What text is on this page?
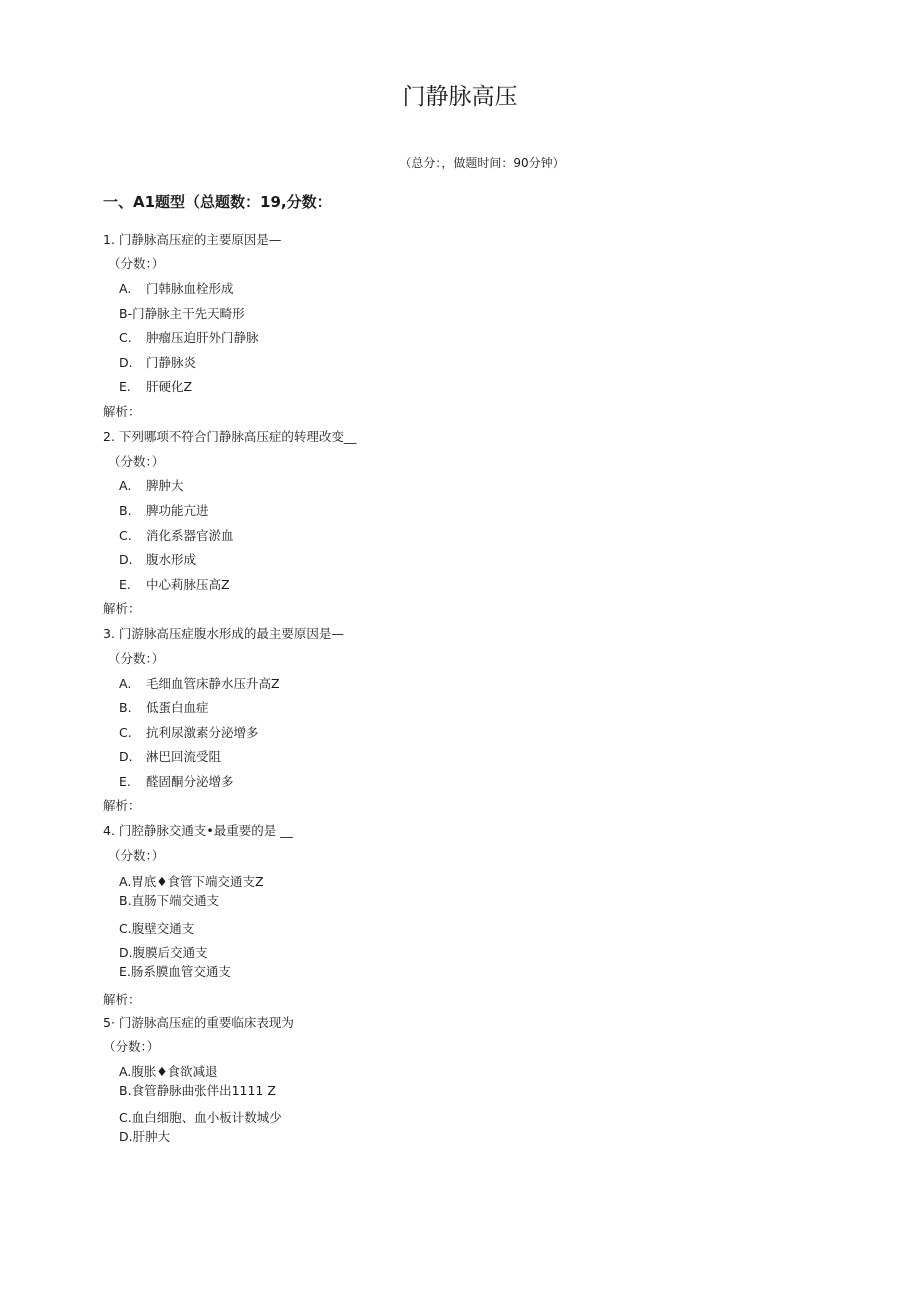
门静脉高压
（总分：，做题时间：90分钟）
一、A1题型（总题数：19,分数：
1. 门静脉高压症的主要原因是—
（分数：）
A. 门韩脉血栓形成
B-门静脉主干先天畸形
C. 肿瘤压迫肝外门静脉
D. 门静脉炎
E. 肝硬化Z
解析：
2. 下列哪项不符合门静脉高压症的转理改变__
（分数：）
A. 脾肿大
B. 脾功能亢进
C. 消化系器官淤血
D. 腹水形成
E. 中心莉脉压高Z
解析：
3. 门游脉高压症腹水形成的最主要原因是—
（分数：）
A. 毛细血管床静水压升高Z
B. 低蛋白血症
C. 抗利尿激素分泌增多
D. 淋巴回流受阻
E. 醛固酮分泌增多
解析：
4. 门腔静脉交通支•最重要的是 __
（分数：）
A.胃底♦食管下端交通支Z
B.直肠下端交通支
C.腹壁交通支
D.腹膜后交通支
E.肠系膜血管交通支
解析：
5· 门游脉高压症的重要临床表现为
（分数：）
A.腹胀♦食欲减退
B.食管静脉曲张伴出1111 Z
C.血白细胞、血小板计数城少
D.肝肿大
